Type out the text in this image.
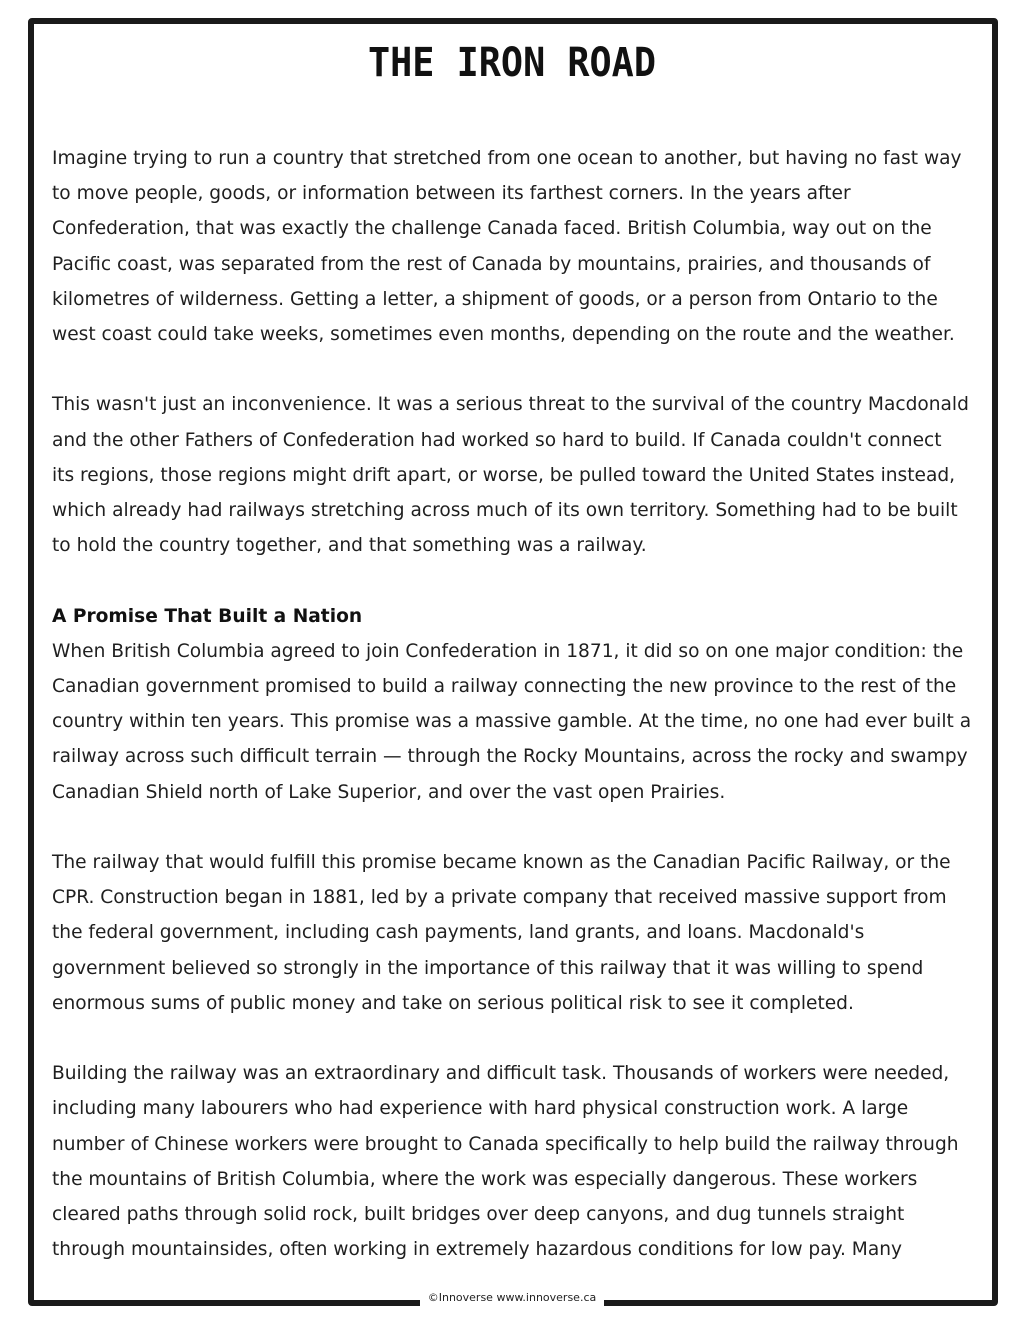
THE IRON ROAD

Imagine trying to run a country that stretched from one ocean to another, but having no fast way
to move people, goods, or information between its farthest corners. In the years after
Confederation, that was exactly the challenge Canada faced. British Columbia, way out on the
Pacific coast, was separated from the rest of Canada by mountains, prairies, and thousands of
kilometres of wilderness. Getting a letter, a shipment of goods, or a person from Ontario to the
west coast could take weeks, sometimes even months, depending on the route and the weather.

This wasn't just an inconvenience. It was a serious threat to the survival of the country Macdonald
and the other Fathers of Confederation had worked so hard to build. If Canada couldn't connect
its regions, those regions might drift apart, or worse, be pulled toward the United States instead,
which already had railways stretching across much of its own territory. Something had to be built
to hold the country together, and that something was a railway.

A Promise That Built a Nation

When British Columbia agreed to join Confederation in 1871, it did so on one major condition: the
Canadian government promised to build a railway connecting the new province to the rest of the
country within ten years. This promise was a massive gamble. At the time, no one had ever built a
railway across such difficult terrain — through the Rocky Mountains, across the rocky and swampy
Canadian Shield north of Lake Superior, and over the vast open Prairies.

The railway that would fulfill this promise became known as the Canadian Pacific Railway, or the
CPR. Construction began in 1881, led by a private company that received massive support from
the federal government, including cash payments, land grants, and loans. Macdonald's
government believed so strongly in the importance of this railway that it was willing to spend
enormous sums of public money and take on serious political risk to see it completed.

Building the railway was an extraordinary and difficult task. Thousands of workers were needed,
including many labourers who had experience with hard physical construction work. A large
number of Chinese workers were brought to Canada specifically to help build the railway through
the mountains of British Columbia, where the work was especially dangerous. These workers
cleared paths through solid rock, built bridges over deep canyons, and dug tunnels straight
through mountainsides, often working in extremely hazardous conditions for low pay. Many

©Innoverse www.innoverse.ca
